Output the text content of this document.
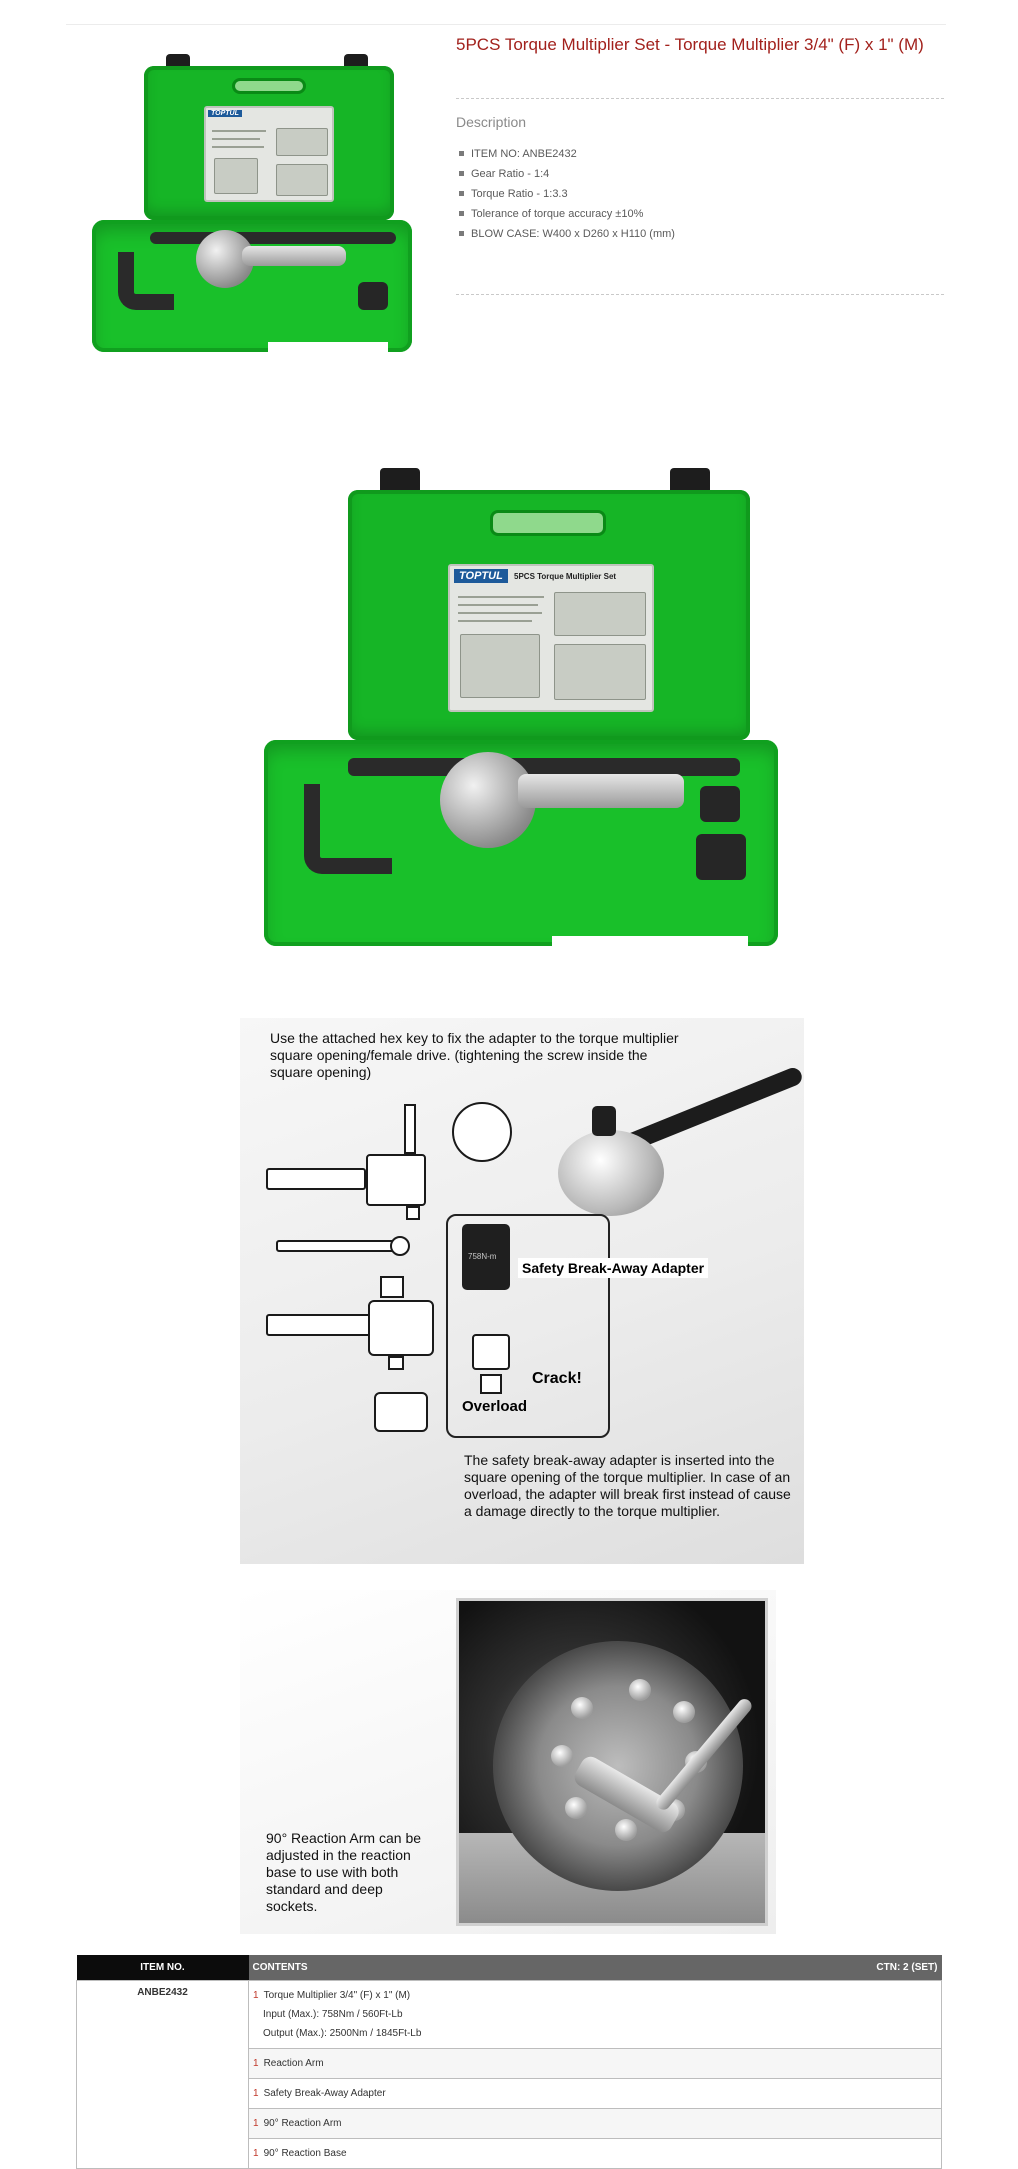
TOPTUL
5PCS Torque Multiplier Set - Torque Multiplier 3/4" (F) x 1" (M)
Description
ITEM NO: ANBE2432
Gear Ratio - 1:4
Torque Ratio - 1:3.3
Tolerance of torque accuracy ±10%
BLOW CASE: W400 x D260 x H110 (mm)
TOPTUL	5PCS Torque Multiplier Set
Use the attached hex key to fix the adapter to the torque multiplier square opening/female drive. (tightening the screw inside the square opening)
758N-m
Safety Break-Away Adapter
Crack!
Overload
The safety break-away adapter is inserted into the square opening of the torque multiplier. In case of an overload, the adapter will break first instead of cause a damage directly to the torque multiplier.
90° Reaction Arm can be adjusted in the reaction base to use with both standard and deep sockets.
ITEM NO.	CONTENTS CTN: 2 (SET)

ANBE2432	1 Torque Multiplier 3/4" (F) x 1" (M)
Input (Max.): 758Nm / 560Ft-Lb
Output (Max.): 2500Nm / 1845Ft-Lb
	1 Reaction Arm
	1 Safety Break-Away Adapter
	1 90° Reaction Arm
	1 90° Reaction Base
